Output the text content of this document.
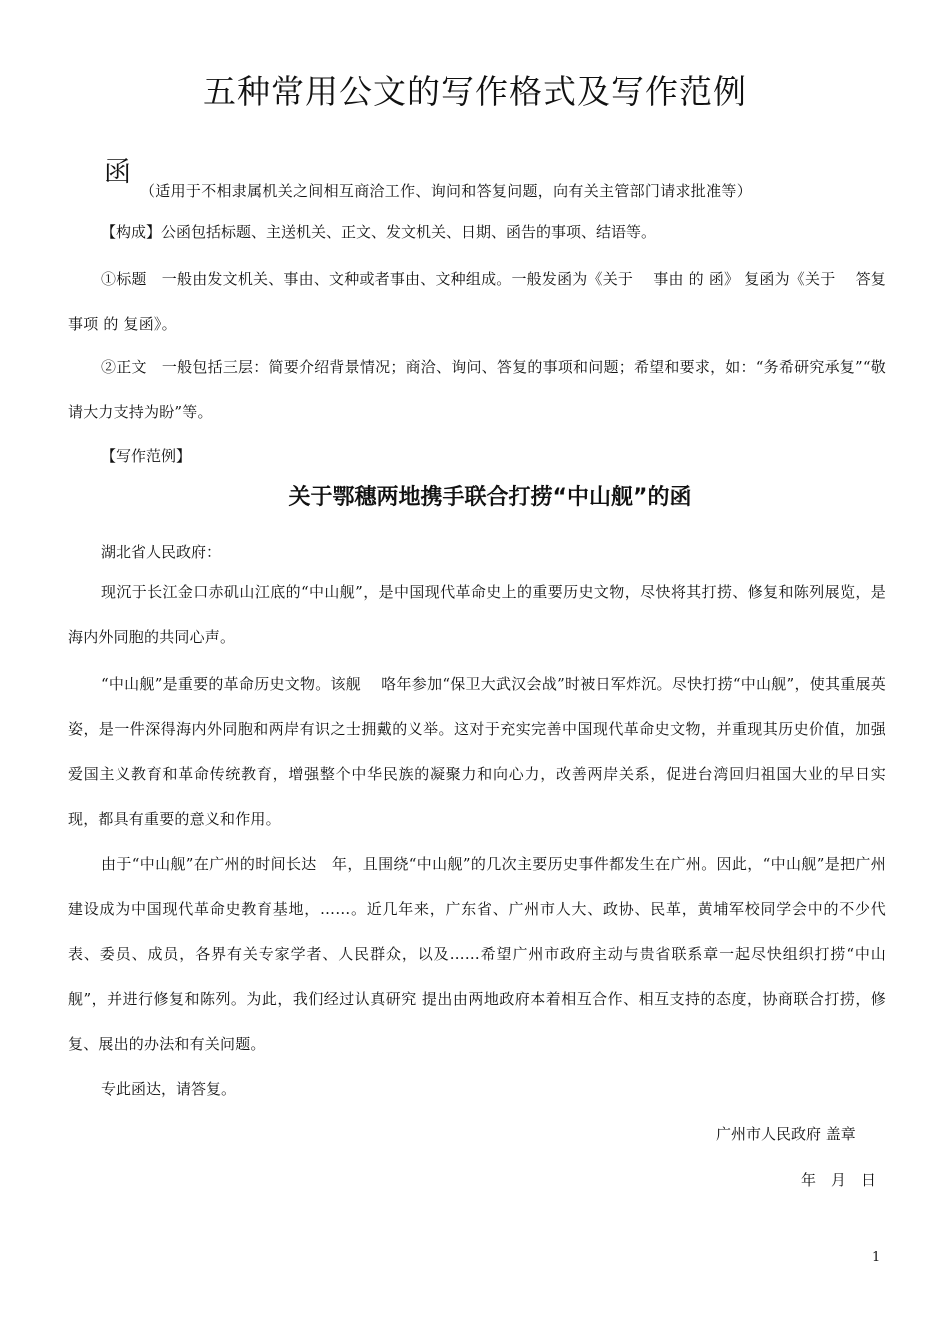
五种常用公文的写作格式及写作范例
函
（适用于不相隶属机关之间相互商洽工作、询问和答复问题，向有关主管部门请求批准等）
【构成】公函包括标题、主送机关、正文、发文机关、日期、函告的事项、结语等。

①标题　一般由发文机关、事由、文种或者事由、文种组成。一般发函为《关于　 事由 的 函》 复函为《关于　 答复事项 的 复函》。

②正文　一般包括三层：简要介绍背景情况；商洽、询问、答复的事项和问题；希望和要求，如：“务希研究承复”“敬请大力支持为盼”等。

【写作范例】
关于鄂穗两地携手联合打捞“中山舰”的函
湖北省人民政府：

现沉于长江金口赤矶山江底的“中山舰”，是中国现代革命史上的重要历史文物，尽快将其打捞、修复和陈列展览，是海内外同胞的共同心声。

“中山舰”是重要的革命历史文物。该舰　 咯年参加“保卫大武汉会战”时被日军炸沉。尽快打捞“中山舰”，使其重展英姿，是一件深得海内外同胞和两岸有识之士拥戴的义举。这对于充实完善中国现代革命史文物，并重现其历史价值，加强爱国主义教育和革命传统教育，增强整个中华民族的凝聚力和向心力，改善两岸关系，促进台湾回归祖国大业的早日实现，都具有重要的意义和作用。

由于“中山舰”在广州的时间长达　年，且围绕“中山舰”的几次主要历史事件都发生在广州。因此，“中山舰”是把广州建设成为中国现代革命史教育基地，……。近几年来，广东省、广州市人大、政协、民革，黄埔军校同学会中的不少代表、委员、成员，各界有关专家学者、人民群众，以及……希望广州市政府主动与贵省联系章一起尽快组织打捞“中山舰”，并进行修复和陈列。为此，我们经过认真研究 提出由两地政府本着相互合作、相互支持的态度，协商联合打捞，修复、展出的办法和有关问题。

专此函达，请答复。
广州市人民政府 盖章
年　月　日
1
